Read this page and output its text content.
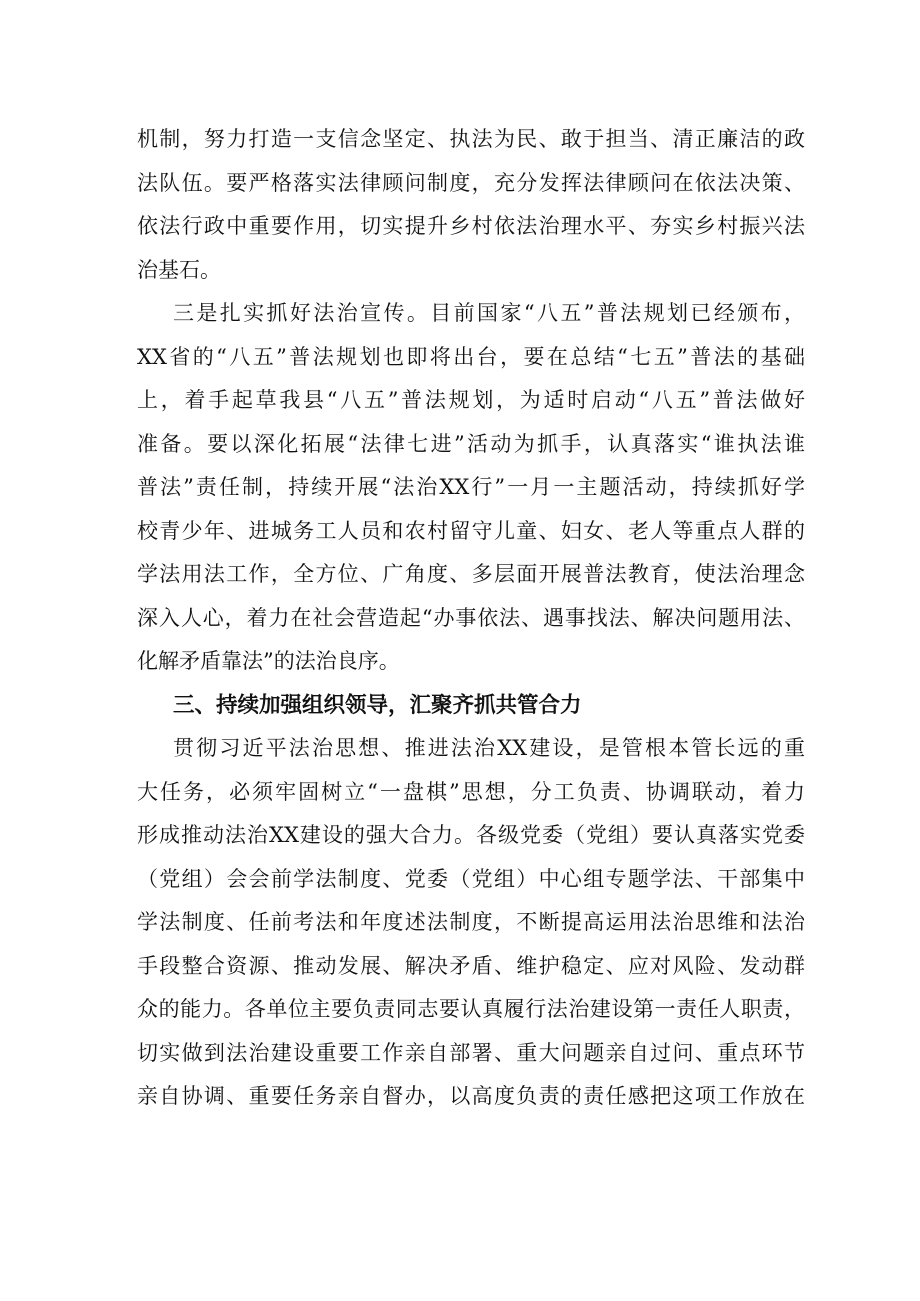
机制，努力打造一支信念坚定、执法为民、敢于担当、清正廉洁的政
法队伍。要严格落实法律顾问制度，充分发挥法律顾问在依法决策、
依法行政中重要作用，切实提升乡村依法治理水平、夯实乡村振兴法
治基石。
三是扎实抓好法治宣传。目前国家“八五”普法规划已经颁布，
XX省的“八五”普法规划也即将出台，要在总结“七五”普法的基础
上，着手起草我县“八五”普法规划，为适时启动“八五”普法做好
准备。要以深化拓展“法律七进”活动为抓手，认真落实“谁执法谁
普法”责任制，持续开展“法治XX行”一月一主题活动，持续抓好学
校青少年、进城务工人员和农村留守儿童、妇女、老人等重点人群的
学法用法工作，全方位、广角度、多层面开展普法教育，使法治理念
深入人心，着力在社会营造起“办事依法、遇事找法、解决问题用法、
化解矛盾靠法”的法治良序。
三、持续加强组织领导，汇聚齐抓共管合力
贯彻习近平法治思想、推进法治XX建设，是管根本管长远的重
大任务，必须牢固树立“一盘棋”思想，分工负责、协调联动，着力
形成推动法治XX建设的强大合力。各级党委（党组）要认真落实党委
（党组）会会前学法制度、党委（党组）中心组专题学法、干部集中
学法制度、任前考法和年度述法制度，不断提高运用法治思维和法治
手段整合资源、推动发展、解决矛盾、维护稳定、应对风险、发动群
众的能力。各单位主要负责同志要认真履行法治建设第一责任人职责，
切实做到法治建设重要工作亲自部署、重大问题亲自过问、重点环节
亲自协调、重要任务亲自督办，以高度负责的责任感把这项工作放在
